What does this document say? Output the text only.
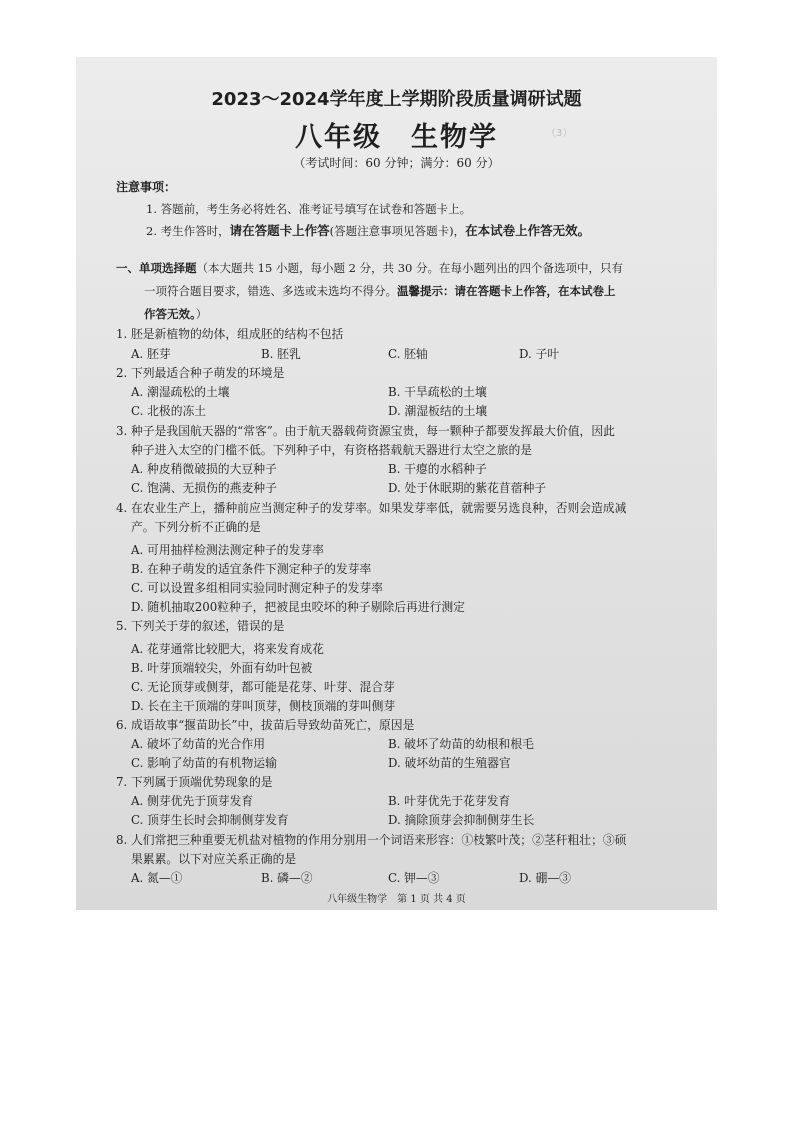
（3）　　　　　　　　　　　　　　　　　

2023～2024学年度上学期阶段质量调研试题
八年级　生物学
（考试时间：60 分钟；满分：60 分）
注意事项：
1. 答题前，考生务必将姓名、准考证号填写在试卷和答题卡上。
2. 考生作答时，请在答题卡上作答(答题注意事项见答题卡)，在本试卷上作答无效。
一、单项选择题（本大题共 15 小题，每小题 2 分，共 30 分。在每小题列出的四个备选项中，只有
一项符合题目要求，错选、多选或未选均不得分。温馨提示：请在答题卡上作答，在本试卷上
作答无效。）
1. 胚是新植物的幼体，组成胚的结构不包括
A. 胚芽	B. 胚乳	C. 胚轴	D. 子叶
2. 下列最适合种子萌发的环境是
A. 潮湿疏松的土壤	B. 干旱疏松的土壤
C. 北极的冻土	D. 潮湿板结的土壤
3. 种子是我国航天器的“常客”。由于航天器载荷资源宝贵，每一颗种子都要发挥最大价值，因此
种子进入太空的门槛不低。下列种子中，有资格搭载航天器进行太空之旅的是
A. 种皮稍微破损的大豆种子	B. 干瘪的水稻种子
C. 饱满、无损伤的燕麦种子	D. 处于休眠期的紫花苜蓿种子
4. 在农业生产上，播种前应当测定种子的发芽率。如果发芽率低，就需要另选良种，否则会造成减
产。下列分析不正确的是
A. 可用抽样检测法测定种子的发芽率
B. 在种子萌发的适宜条件下测定种子的发芽率
C. 可以设置多组相同实验同时测定种子的发芽率
D. 随机抽取200粒种子，把被昆虫咬坏的种子剔除后再进行测定
5. 下列关于芽的叙述，错误的是
A. 花芽通常比较肥大，将来发育成花
B. 叶芽顶端较尖，外面有幼叶包被
C. 无论顶芽或侧芽，都可能是花芽、叶芽、混合芽
D. 长在主干顶端的芽叫顶芽，侧枝顶端的芽叫侧芽
6. 成语故事“揠苗助长”中，拔苗后导致幼苗死亡，原因是
A. 破坏了幼苗的光合作用	B. 破坏了幼苗的幼根和根毛
C. 影响了幼苗的有机物运输	D. 破坏幼苗的生殖器官
7. 下列属于顶端优势现象的是
A. 侧芽优先于顶芽发育	B. 叶芽优先于花芽发育
C. 顶芽生长时会抑制侧芽发育	D. 摘除顶芽会抑制侧芽生长
8. 人们常把三种重要无机盐对植物的作用分别用一个词语来形容：①枝繁叶茂；②茎秆粗壮；③硕
果累累。以下对应关系正确的是
A. 氮—①	B. 磷—②	C. 钾—③	D. 硼—③
八年级生物学　第 1 页 共 4 页
